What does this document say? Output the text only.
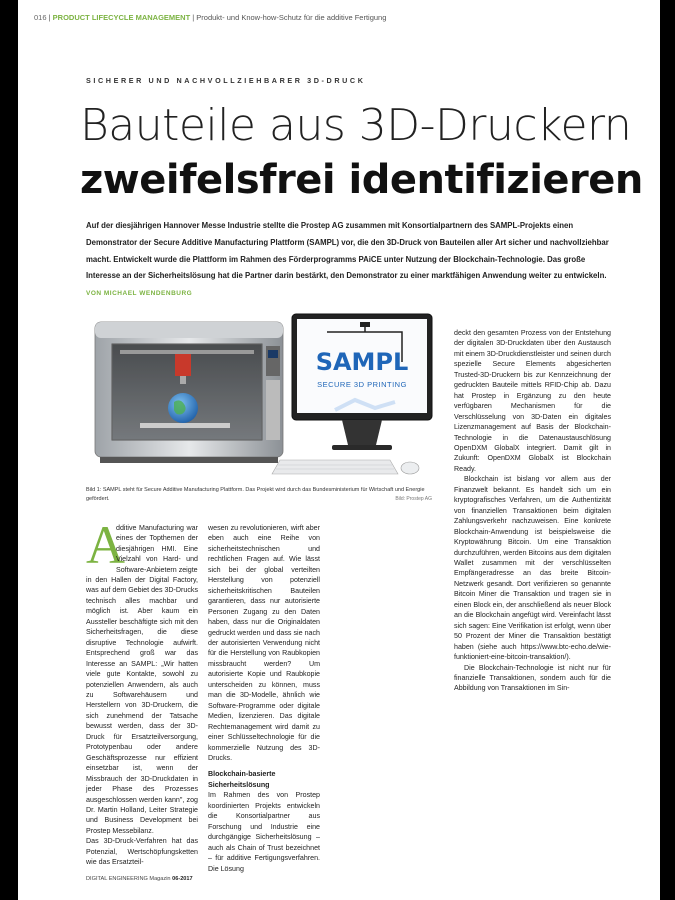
016 | PRODUCT LIFECYCLE MANAGEMENT | Produkt- und Know-how-Schutz für die additive Fertigung
SICHERER UND NACHVOLLZIEHBARER 3D-DRUCK
Bauteile aus 3D-Druckern
zweifelsfrei identifizieren
Auf der diesjährigen Hannover Messe Industrie stellte die Prostep AG zusammen mit Konsortialpartnern des SAMPL-Projekts einen Demonstrator der Secure Additive Manufacturing Plattform (SAMPL) vor, die den 3D-Druck von Bauteilen aller Art sicher und nachvollziehbar macht. Entwickelt wurde die Plattform im Rahmen des Förderprogramms PAiCE unter Nutzung der Blockchain-Technologie. Das große Interesse an der Sicherheitslösung hat die Partner darin bestärkt, den Demonstrator zu einer marktfähigen Anwendung weiter zu entwickeln. VON MICHAEL WENDENBURG
SAMPL
SECURE 3D PRINTING
Bild 1: SAMPL steht für Secure Additive Manufacturing Plattform. Das Projekt wird durch das Bundesministerium für Wirtschaft und Energie gefördert.	Bild: Prostep AG
A

dditive Manufacturing war eines der Topthemen der diesjährigen HMI. Eine Vielzahl von Hard- und Software-Anbietern zeigte

in den Hallen der Digital Factory, was auf dem Gebiet des 3D-Drucks technisch alles machbar und möglich ist. Aber kaum ein Aussteller beschäftigte sich mit den Sicherheitsfragen, die diese disruptive Technologie aufwirft. Entsprechend groß war das Interesse an SAMPL: „Wir hatten viele gute Kontakte, sowohl zu potenziellen Anwendern, als auch zu Softwarehäusern und Herstellern von 3D-Druckern, die sich zunehmend der Tatsache bewusst werden, dass der 3D-Druck für Ersatzteilversorgung, Prototypenbau oder andere Geschäftsprozesse nur effizient einsetzbar ist, wenn der Missbrauch der 3D-Druckdaten in jeder Phase des Prozesses ausgeschlossen werden kann", zog Dr. Martin Holland, Leiter Strategie und Business Development bei Prostep Messebilanz.

Das 3D-Druck-Verfahren hat das Potenzial, Wertschöpfungsketten wie das Ersatzteil-

wesen zu revolutionieren, wirft aber eben auch eine Reihe von sicherheitstechnischen und rechtlichen Fragen auf. Wie lässt sich bei der global verteilten Herstellung von potenziell sicherheitskritischen Bauteilen garantieren, dass nur autorisierte Personen Zugang zu den Daten haben, dass nur die Originaldaten gedruckt werden und dass sie nach der autorisierten Verwendung nicht für die Herstellung von Raubkopien missbraucht werden? Um autorisierte Kopie und Raubkopie unterscheiden zu können, muss man die 3D-Modelle, ähnlich wie Software-Programme oder digitale Medien, lizenzieren. Das digitale Rechtemanagement wird damit zu einer Schlüsseltechnologie für die kommerzielle Nutzung des 3D-Drucks.

Blockchain-basierte Sicherheitslösung

Im Rahmen des von Prostep koordinierten Projekts entwickeln die Konsortialpartner aus Forschung und Industrie eine durchgängige Sicherheitslösung – auch als Chain of Trust bezeichnet – für additive Fertigungsverfahren. Die Lösung

deckt den gesamten Prozess von der Entstehung der digitalen 3D-Druckdaten über den Austausch mit einem 3D-Druckdienstleister und seinen durch spezielle Secure Elements abgesicherten Trusted-3D-Druckern bis zur Kennzeichnung der gedruckten Bauteile mittels RFID-Chip ab. Dazu hat Prostep in Ergänzung zu den heute verfügbaren Mechanismen für die Verschlüsselung von 3D-Daten ein digitales Lizenzmanagement auf Basis der Blockchain-Technologie in die Datenaustauschlösung OpenDXM GlobalX integriert. Damit gilt in Zukunft: OpenDXM GlobalX ist Blockchain Ready.

Blockchain ist bislang vor allem aus der Finanzwelt bekannt. Es handelt sich um ein kryptografisches Verfahren, um die Authentizität von finanziellen Transaktionen beim digitalen Zahlungsverkehr nachzuweisen. Eine konkrete Blockchain-Anwendung ist beispielsweise die Kryptowährung Bitcoin. Um eine Transaktion durchzuführen, werden Bitcoins aus dem digitalen Wallet zusammen mit der verschlüsselten Empfängeradresse an das breite Bitcoin-Netzwerk gesandt. Dort verifizieren so genannte Bitcoin Miner die Transaktion und tragen sie in einen Block ein, der anschließend als neuer Block an die Blockchain angefügt wird. Vereinfacht lässt sich sagen: Eine Verifikation ist erfolgt, wenn über 50 Prozent der Miner die Transaktion bestätigt haben (siehe auch https://www.btc-echo.de/wie-funktioniert-eine-bitcoin-transaktion/).

Die Blockchain-Technologie ist nicht nur für finanzielle Transaktionen, sondern auch für die Abbildung von Transaktionen im Sin-

DIGITAL ENGINEERING Magazin 06-2017
